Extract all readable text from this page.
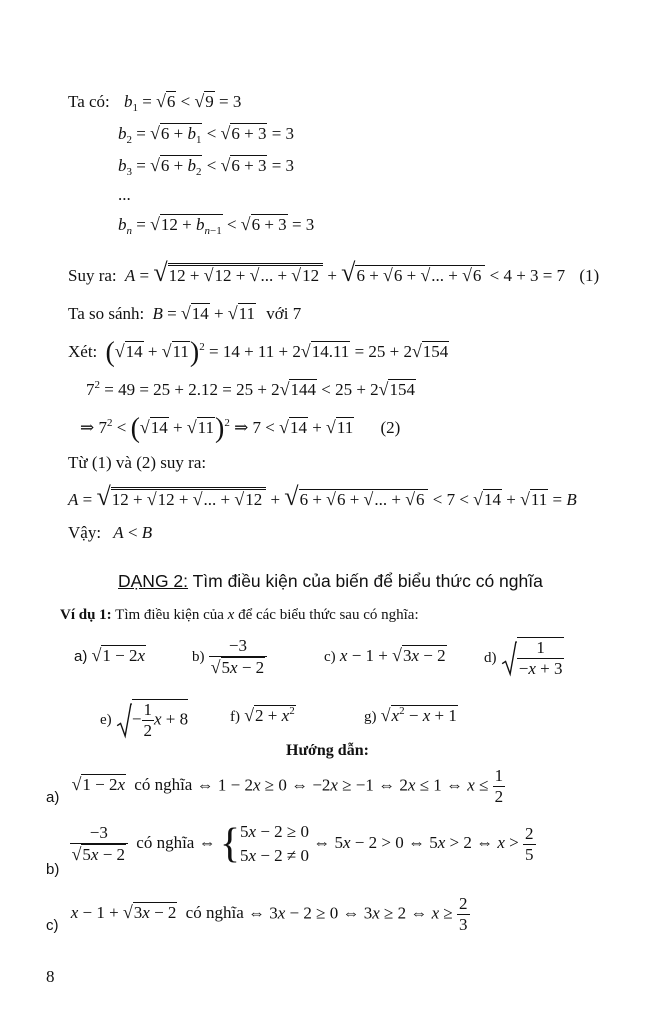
Ta có: $b_1 = √6 < √9 = 3$
$b_2 = √6 + b_1 < √6 + 3 = 3$
$b_3 = √6 + b_2 < √6 + 3 = 3$
...
$b_n = √12 + b_{n-1} < √6 + 3 = 3$
Suy ra: A = √12 + √12 + √... + √12 + √6 + √6 + √... + √6 < 4 + 3 = 7 (1)
Ta so sánh: B = √14 + √11 với 7
Xét: $(√14 + √11)^2 = 14 + 11 + 2√14.11 = 25 + 2√154$
$7^2 = 49 = 25 + 2.12 = 25 + 2√144 < 25 + 2√154$
⇒ $7^2 < (√14 + √11)^2$ ⇒ 7 < √14 + √11 (2)
Từ (1) và (2) suy ra:
A = √12 + √12 + √... + √12 + √6 + √6 + √... + √6 < 7 < √14 + √11 = B
Vậy: A < B
DẠNG 2: Tìm điều kiện của biến để biểu thức có nghĩa
Ví dụ 1: Tìm điều kiện của x để các biểu thức sau có nghĩa:
a) √1 − 2x	$b) \frac{-3}{√5x - 2}$	c) x − 1 + √3x − 2	$d) \frac{1}{-x + 3}$
$e) - \frac{1}{2}$ x + 8	f) $√2 + x^2$	g) $√x^2 - x + 1$
Hướng dẫn:
a) √1 − 2x có nghĩa ⇔ 1 − 2x ≥ 0 ⇔ −2x ≥ −1 ⇔ 2x ≤ 1 ⇔ $x \le \frac{1}{2}$
b)
$\frac{-3}{√5x - 2}$ có nghĩa ⇔ { 5x − 2 ≥ 0
5x − 2 ≠ 0
⇔ 5x − 2 > 0 ⇔ 5x > 2 ⇔ $x > \frac{2}{5}$
c) x − 1 + √3x − 2 có nghĩa ⇔ 3x − 2 ≥ 0 ⇔ 3x ≥ 2 ⇔ $x \ge \frac{2}{3}$
8
